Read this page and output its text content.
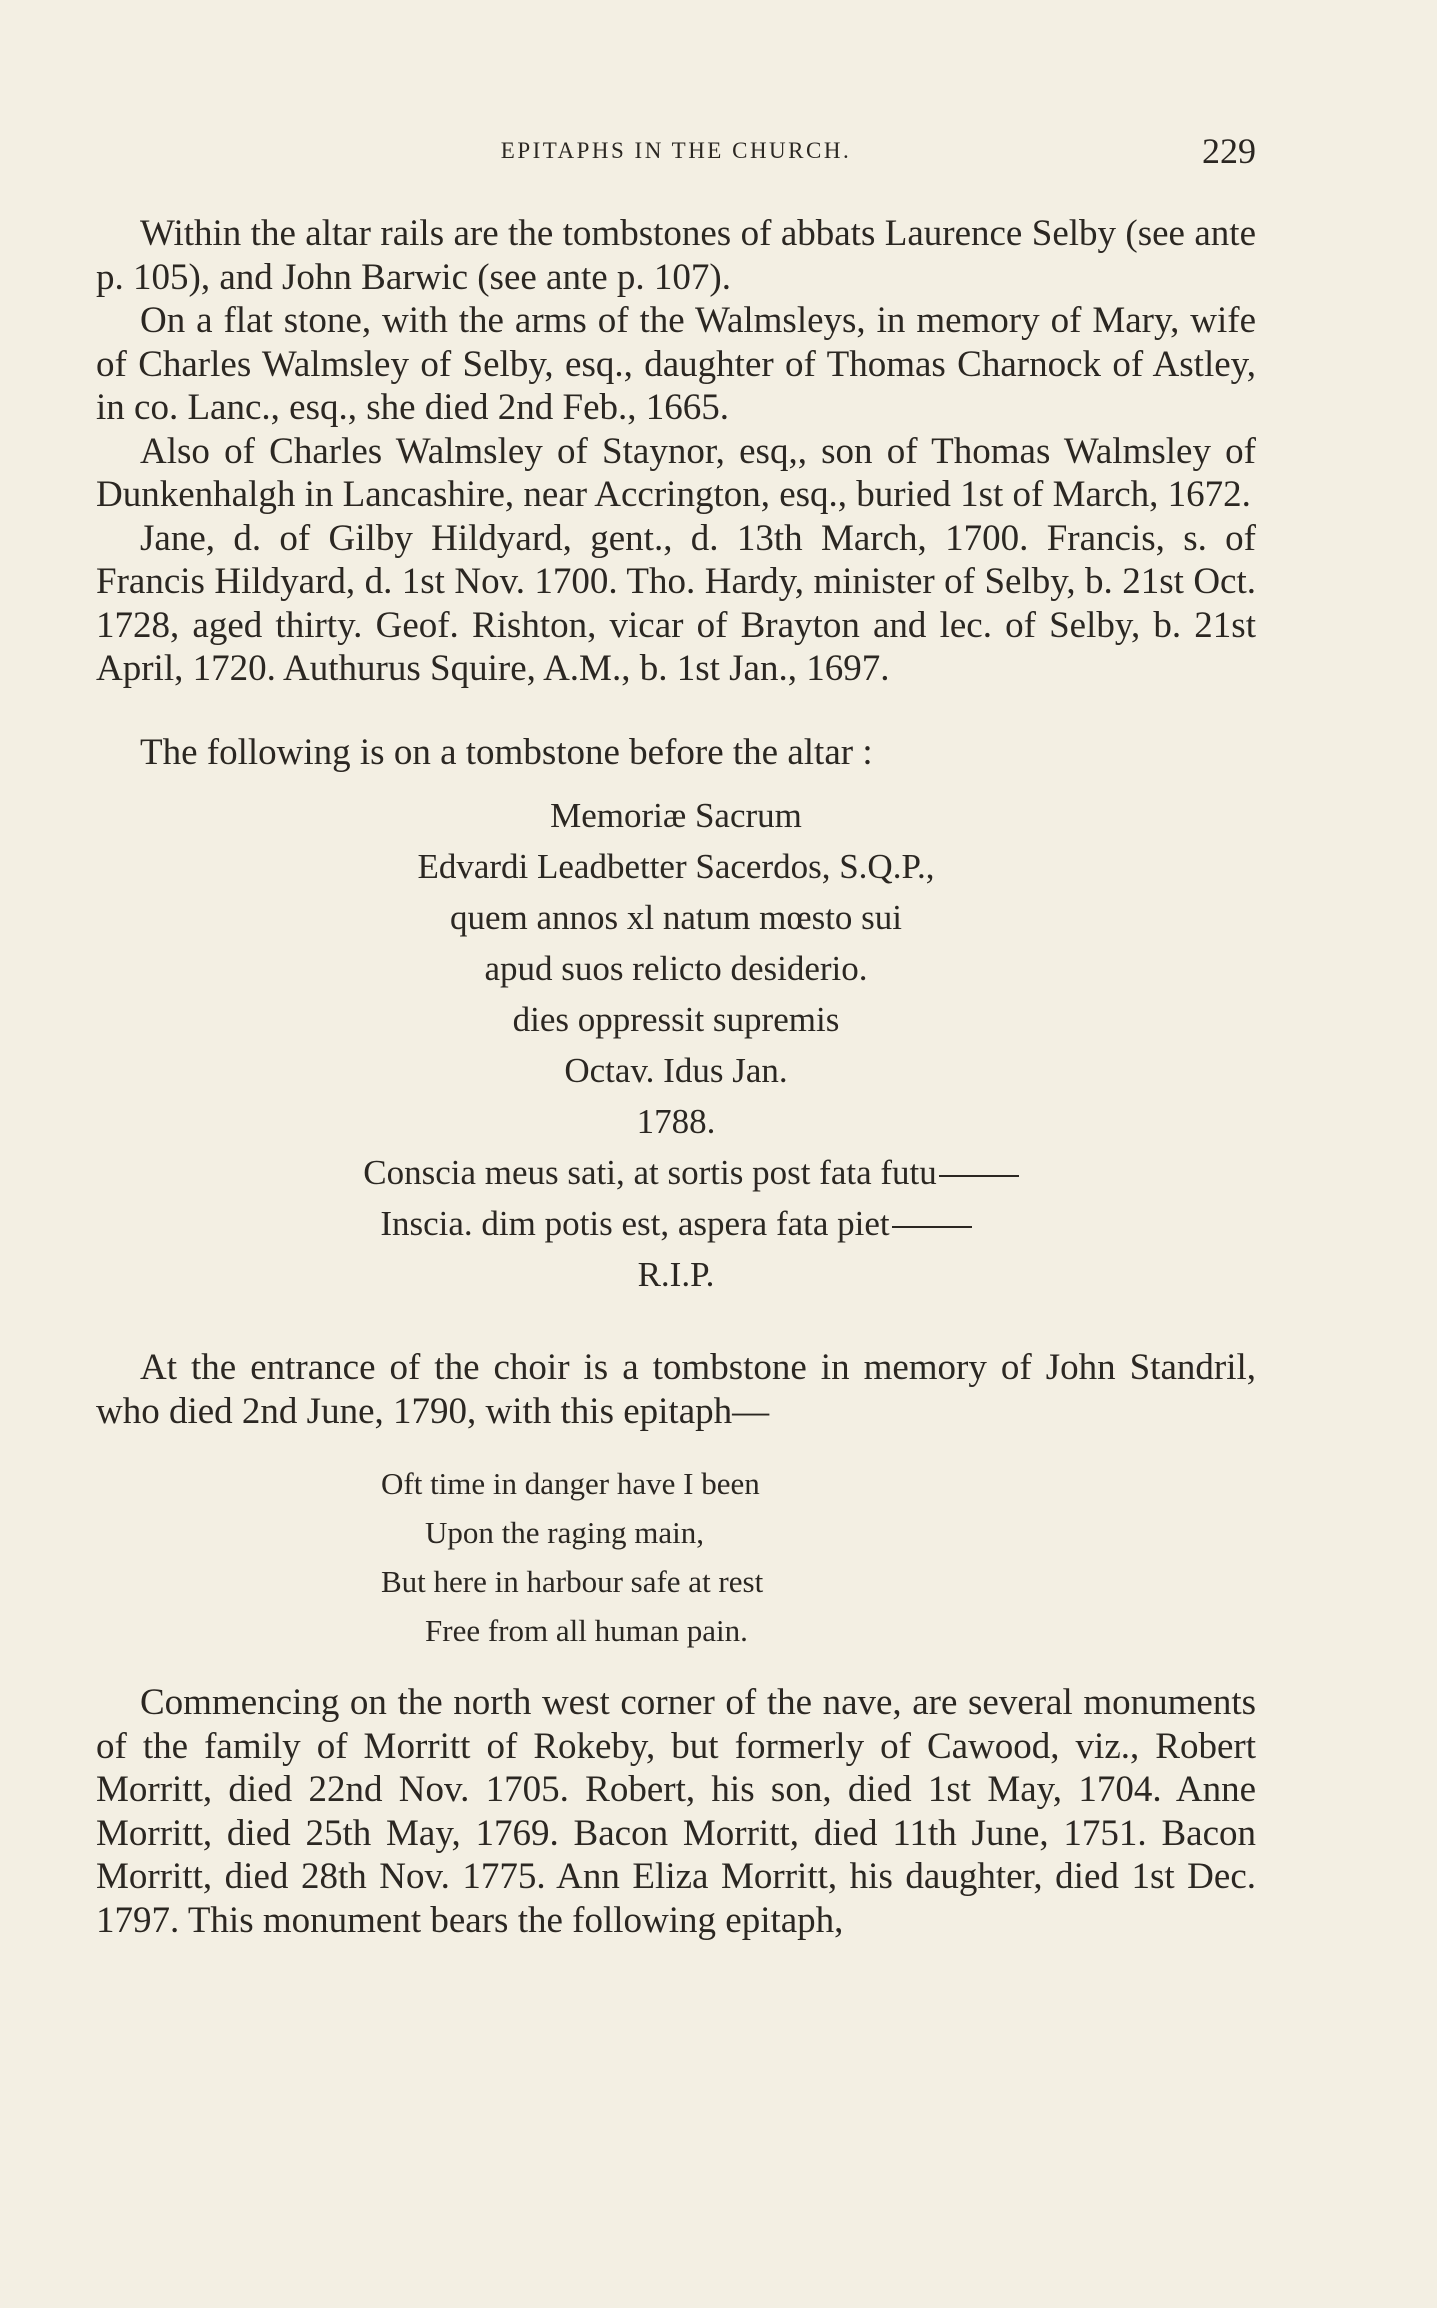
EPITAPHS IN THE CHURCH.	229

Within the altar rails are the tombstones of abbats Laurence Selby (see ante p. 105), and John Barwic (see ante p. 107).

On a flat stone, with the arms of the Walmsleys, in memory of Mary, wife of Charles Walmsley of Selby, esq., daughter of Thomas Charnock of Astley, in co. Lanc., esq., she died 2nd Feb., 1665.

Also of Charles Walmsley of Staynor, esq,, son of Thomas Walmsley of Dunkenhalgh in Lancashire, near Accrington, esq., buried 1st of March, 1672.

Jane, d. of Gilby Hildyard, gent., d. 13th March, 1700. Francis, s. of Francis Hildyard, d. 1st Nov. 1700. Tho. Hardy, minister of Selby, b. 21st Oct. 1728, aged thirty. Geof. Rishton, vicar of Brayton and lec. of Selby, b. 21st April, 1720. Authurus Squire, A.M., b. 1st Jan., 1697.

The following is on a tombstone before the altar :

Memoriæ Sacrum

Edvardi Leadbetter Sacerdos, S.Q.P.,

quem annos xl natum mœsto sui

apud suos relicto desiderio.

dies oppressit supremis

Octav. Idus Jan.

1788.

Conscia meus sati, at sortis post fata futu

Inscia. dim potis est, aspera fata piet

R.I.P.

At the entrance of the choir is a tombstone in memory of John Standril, who died 2nd June, 1790, with this epitaph—

Oft time in danger have I been
Upon the raging main,
But here in harbour safe at rest
Free from all human pain.

Commencing on the north west corner of the nave, are several monuments of the family of Morritt of Rokeby, but formerly of Cawood, viz., Robert Morritt, died 22nd Nov. 1705. Robert, his son, died 1st May, 1704. Anne Morritt, died 25th May, 1769. Bacon Morritt, died 11th June, 1751. Bacon Morritt, died 28th Nov. 1775. Ann Eliza Morritt, his daughter, died 1st Dec. 1797. This monument bears the following epitaph,
